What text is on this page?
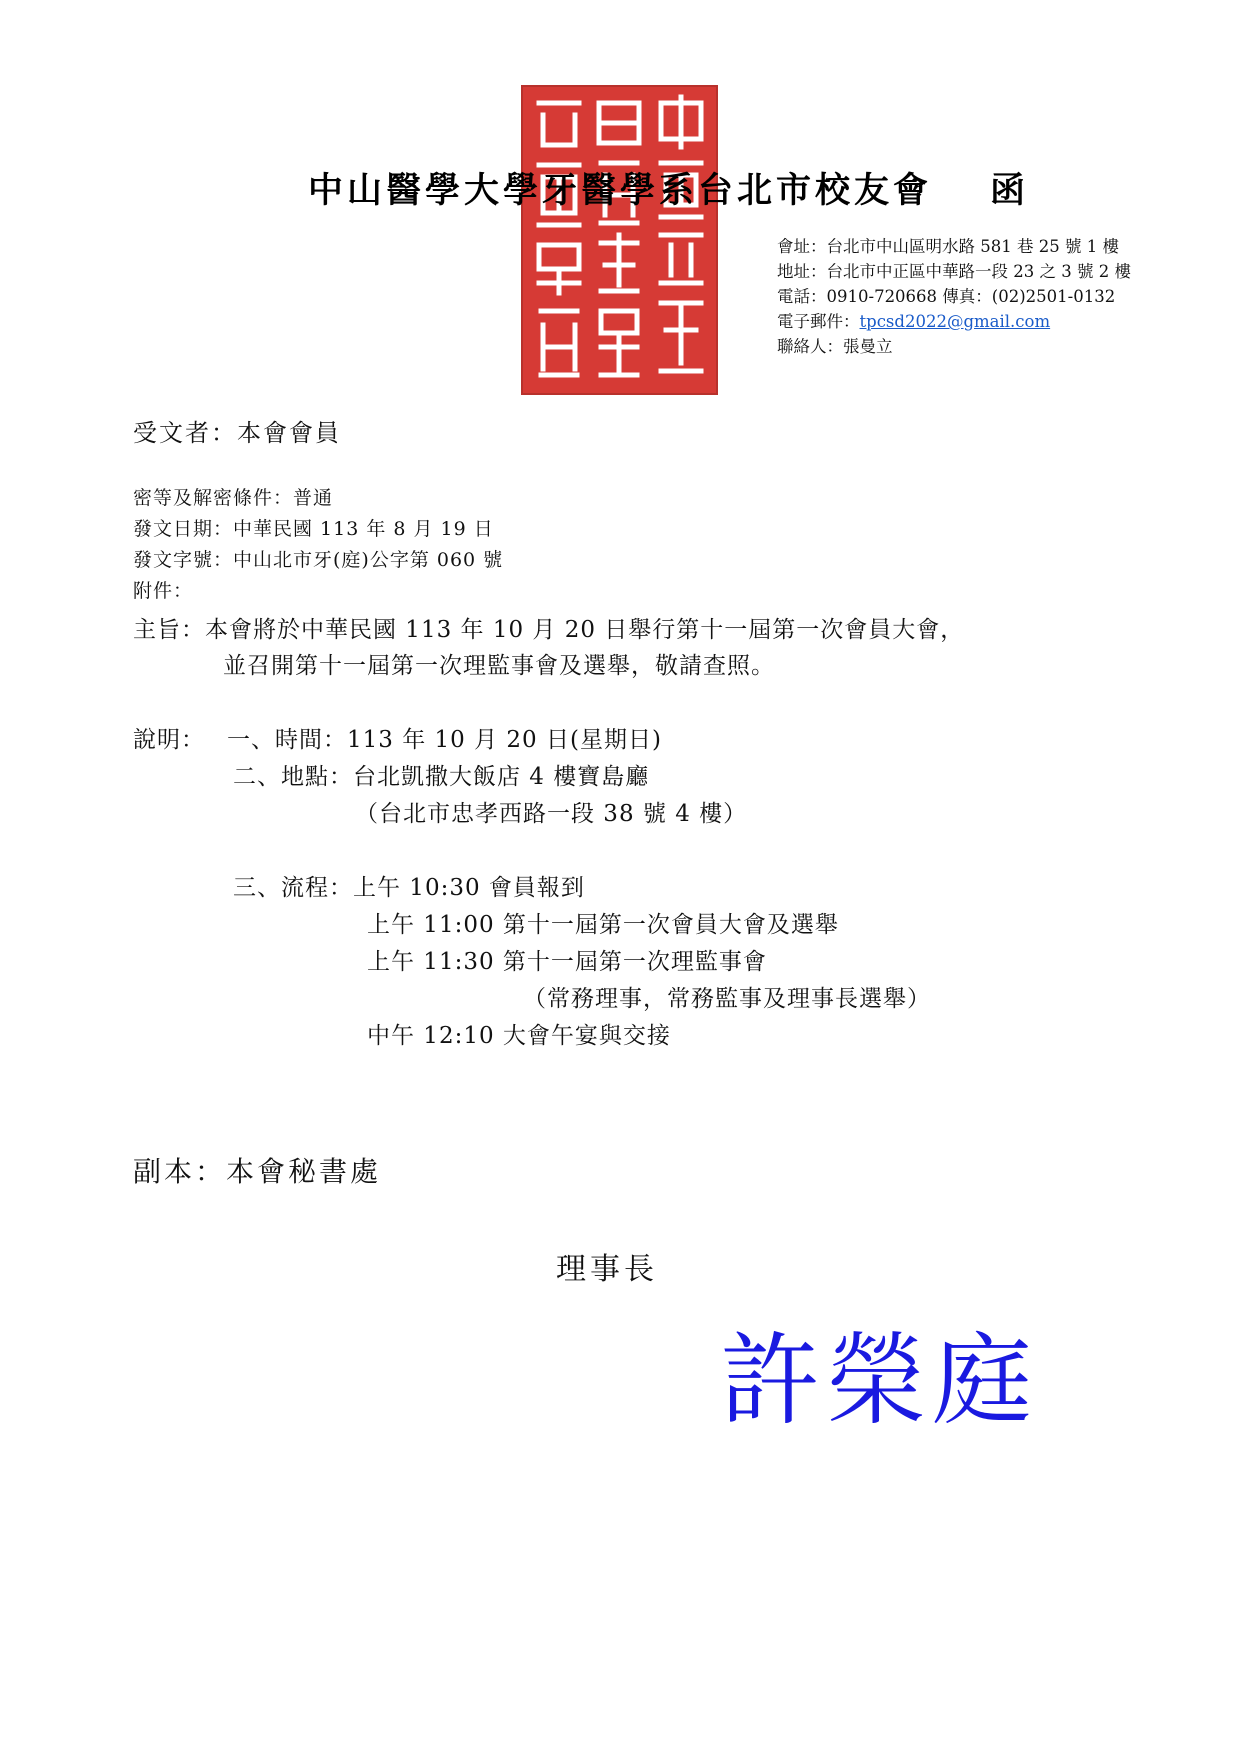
中山醫學大學牙醫學系台北市校友會 函
會址：台北市中山區明水路 581 巷 25 號 1 樓
地址：台北市中正區中華路一段 23 之 3 號 2 樓
電話：0910-720668 傳真：(02)2501-0132
電子郵件：tpcsd2022@gmail.com
聯絡人：張曼立
受文者：本會會員
密等及解密條件：普通
發文日期：中華民國 113 年 8 月 19 日
發文字號：中山北市牙(庭)公字第 060 號
附件：
主旨：本會將於中華民國 113 年 10 月 20 日舉行第十一屆第一次會員大會，
並召開第十一屆第一次理監事會及選舉，敬請查照。
說明： 一、時間：113 年 10 月 20 日(星期日)
二、地點：台北凱撒大飯店 4 樓寶島廳
（台北市忠孝西路一段 38 號 4 樓）
三、流程：上午 10:30 會員報到
上午 11:00 第十一屆第一次會員大會及選舉
上午 11:30 第十一屆第一次理監事會
（常務理事，常務監事及理事長選舉）
中午 12:10 大會午宴與交接
副本：本會秘書處
理事長
許榮庭
